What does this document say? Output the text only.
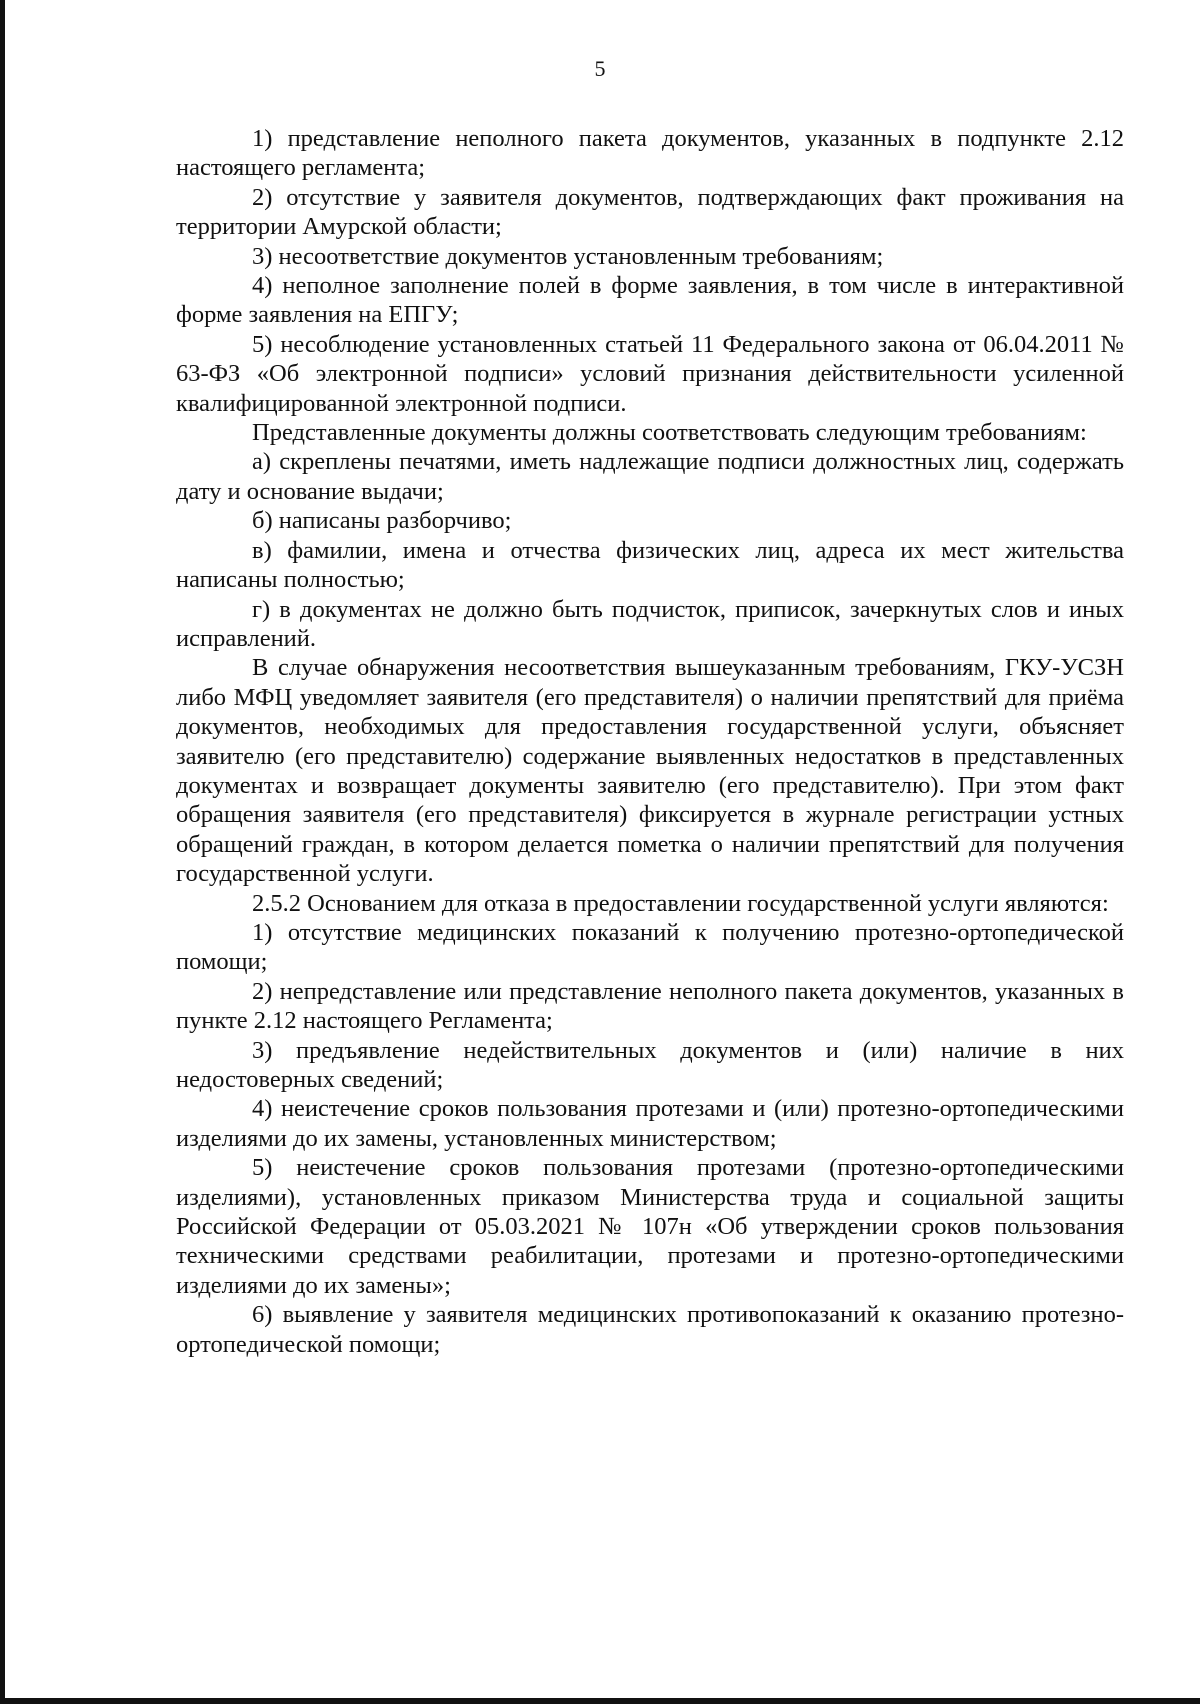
5

1) представление неполного пакета документов, указанных в подпункте 2.12 настоящего регламента;

2) отсутствие у заявителя документов, подтверждающих факт проживания на территории Амурской области;

3) несоответствие документов установленным требованиям;

4) неполное заполнение полей в форме заявления, в том числе в интерактивной форме заявления на ЕПГУ;

5) несоблюдение установленных статьей 11 Федерального закона от 06.04.2011 № 63-ФЗ «Об электронной подписи» условий признания действительности усиленной квалифицированной электронной подписи.

Представленные документы должны соответствовать следующим требованиям:

а) скреплены печатями, иметь надлежащие подписи должностных лиц, содержать дату и основание выдачи;

б) написаны разборчиво;

в) фамилии, имена и отчества физических лиц, адреса их мест жительства написаны полностью;

г) в документах не должно быть подчисток, приписок, зачеркнутых слов и иных исправлений.

В случае обнаружения несоответствия вышеуказанным требованиям, ГКУ-УСЗН либо МФЦ уведомляет заявителя (его представителя) о наличии препятствий для приёма документов, необходимых для предоставления государственной услуги, объясняет заявителю (его представителю) содержание выявленных недостатков в представленных документах и возвращает документы заявителю (его представителю). При этом факт обращения заявителя (его представителя) фиксируется в журнале регистрации устных обращений граждан, в котором делается пометка о наличии препятствий для получения государственной услуги.

2.5.2 Основанием для отказа в предоставлении государственной услуги являются:

1) отсутствие медицинских показаний к получению протезно-ортопедической помощи;

2) непредставление или представление неполного пакета документов, указанных в пункте 2.12 настоящего Регламента;

3) предъявление недействительных документов и (или) наличие в них недостоверных сведений;

4) неистечение сроков пользования протезами и (или) протезно-ортопедическими изделиями до их замены, установленных министерством;

5) неистечение сроков пользования протезами (протезно-ортопедическими изделиями), установленных приказом Министерства труда и социальной защиты Российской Федерации от 05.03.2021 № 107н «Об утверждении сроков пользования техническими средствами реабилитации, протезами и протезно-ортопедическими изделиями до их замены»;

6) выявление у заявителя медицинских противопоказаний к оказанию протезно-ортопедической помощи;
